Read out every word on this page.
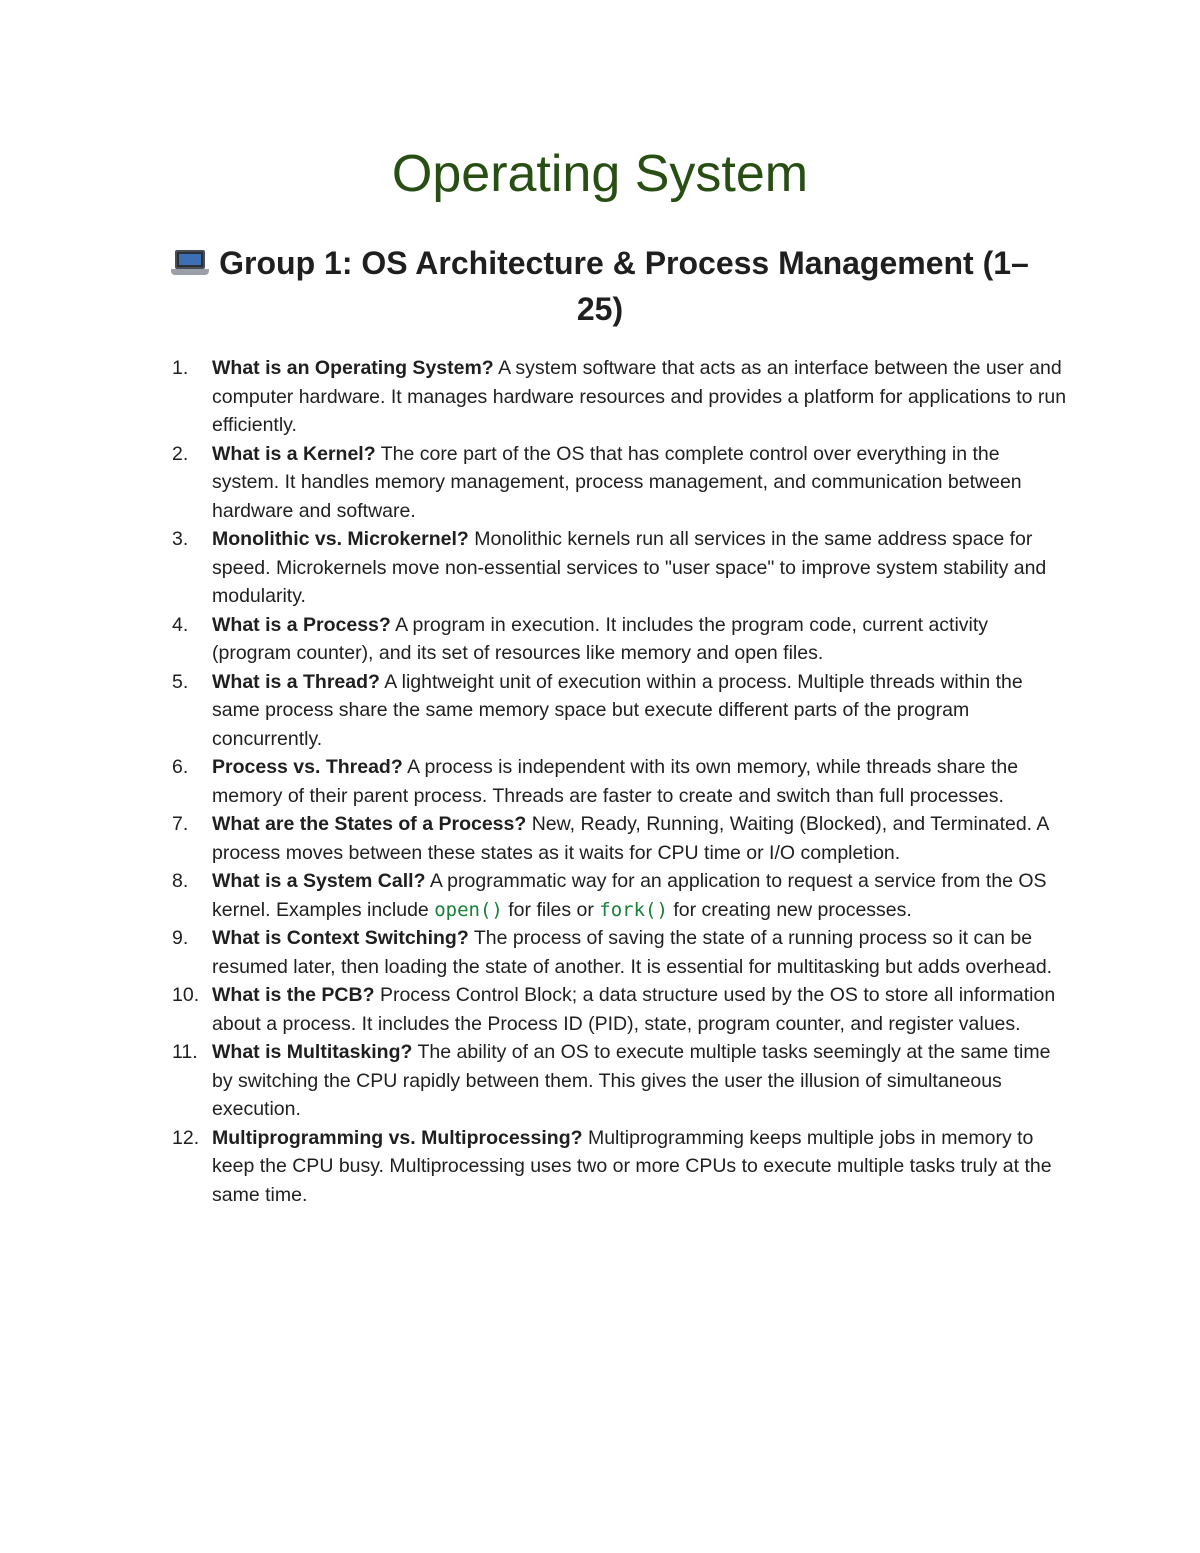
Operating System
Group 1: OS Architecture & Process Management (1–25)
1.	What is an Operating System? A system software that acts as an interface between the user and computer hardware. It manages hardware resources and provides a platform for applications to run efficiently.
2.	What is a Kernel? The core part of the OS that has complete control over everything in the system. It handles memory management, process management, and communication between hardware and software.
3.	Monolithic vs. Microkernel? Monolithic kernels run all services in the same address space for speed. Microkernels move non-essential services to "user space" to improve system stability and modularity.
4.	What is a Process? A program in execution. It includes the program code, current activity (program counter), and its set of resources like memory and open files.
5.	What is a Thread? A lightweight unit of execution within a process. Multiple threads within the same process share the same memory space but execute different parts of the program concurrently.
6.	Process vs. Thread? A process is independent with its own memory, while threads share the memory of their parent process. Threads are faster to create and switch than full processes.
7.	What are the States of a Process? New, Ready, Running, Waiting (Blocked), and Terminated. A process moves between these states as it waits for CPU time or I/O completion.
8.	What is a System Call? A programmatic way for an application to request a service from the OS kernel. Examples include open() for files or fork() for creating new processes.
9.	What is Context Switching? The process of saving the state of a running process so it can be resumed later, then loading the state of another. It is essential for multitasking but adds overhead.
10. What is the PCB? Process Control Block; a data structure used by the OS to store all information about a process. It includes the Process ID (PID), state, program counter, and register values.
11. What is Multitasking? The ability of an OS to execute multiple tasks seemingly at the same time by switching the CPU rapidly between them. This gives the user the illusion of simultaneous execution.
12. Multiprogramming vs. Multiprocessing? Multiprogramming keeps multiple jobs in memory to keep the CPU busy. Multiprocessing uses two or more CPUs to execute multiple tasks truly at the same time.
